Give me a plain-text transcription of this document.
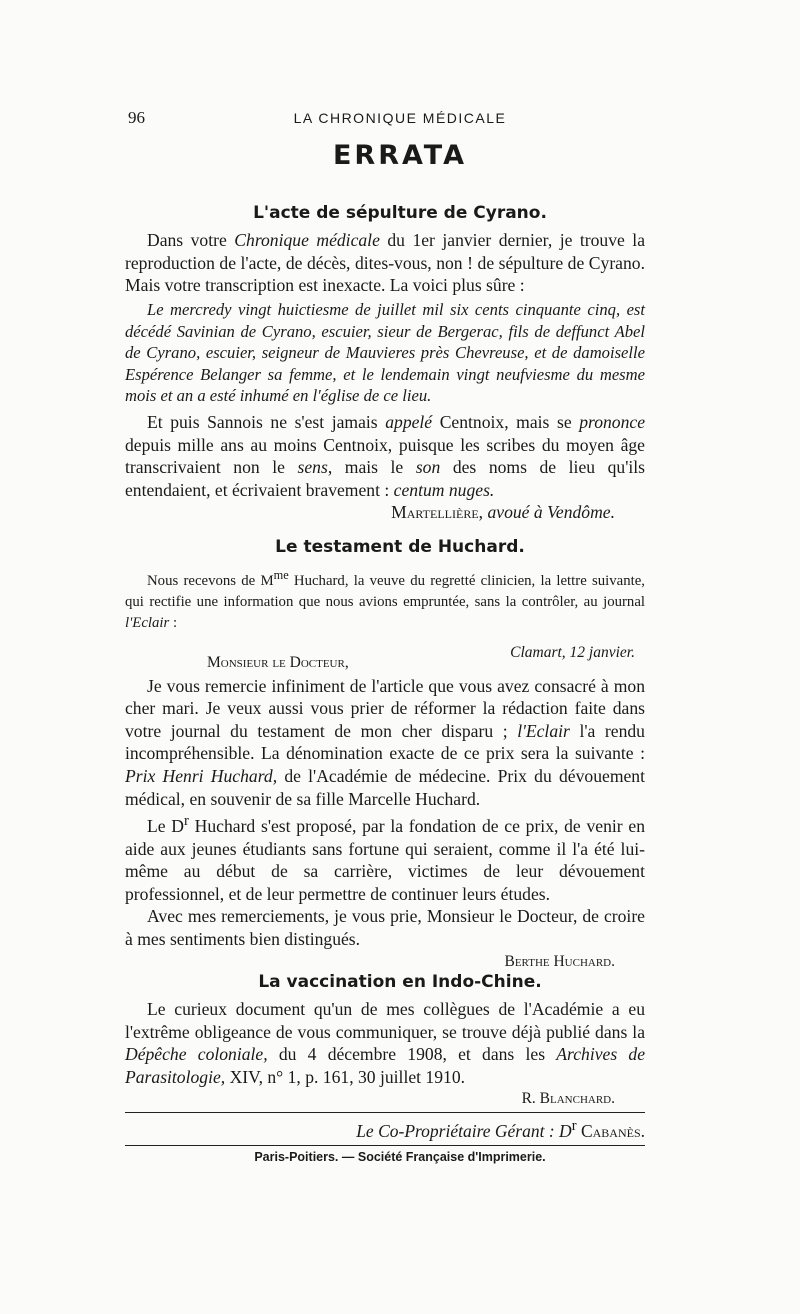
96	LA CHRONIQUE MÉDICALE
ERRATA
L'acte de sépulture de Cyrano.

Dans votre Chronique médicale du 1er janvier dernier, je trouve la reproduction de l'acte, de décès, dites-vous, non ! de sépulture de Cyrano. Mais votre transcription est inexacte. La voici plus sûre :

Le mercredy vingt huictiesme de juillet mil six cents cinquante cinq, est décédé Savinian de Cyrano, escuier, sieur de Bergerac, fils de deffunct Abel de Cyrano, escuier, seigneur de Mauvieres près Chevreuse, et de damoiselle Espérence Belanger sa femme, et le lendemain vingt neufviesme du mesme mois et an a esté inhumé en l'église de ce lieu.

Et puis Sannois ne s'est jamais appelé Centnoix, mais se prononce depuis mille ans au moins Centnoix, puisque les scribes du moyen âge transcrivaient non le sens, mais le son des noms de lieu qu'ils entendaient, et écrivaient bravement : centum nuges.

Martellière, avoué à Vendôme.
Le testament de Huchard.

Nous recevons de $M^{me}$ Huchard, la veuve du regretté clinicien, la lettre suivante, qui rectifie une information que nous avions empruntée, sans la contrôler, au journal l'Eclair :

Clamart, 12 janvier.
Monsieur le Docteur,

Je vous remercie infiniment de l'article que vous avez consacré à mon cher mari. Je veux aussi vous prier de réformer la rédaction faite dans votre journal du testament de mon cher disparu ; l'Eclair l'a rendu incompréhensible. La dénomination exacte de ce prix sera la suivante : Prix Henri Huchard, de l'Académie de médecine. Prix du dévouement médical, en souvenir de sa fille Marcelle Huchard.

Le $D^r$ Huchard s'est proposé, par la fondation de ce prix, de venir en aide aux jeunes étudiants sans fortune qui seraient, comme il l'a été lui-même au début de sa carrière, victimes de leur dévouement professionnel, et de leur permettre de continuer leurs études.

Avec mes remerciements, je vous prie, Monsieur le Docteur, de croire à mes sentiments bien distingués.

Berthe Huchard.
La vaccination en Indo-Chine.

Le curieux document qu'un de mes collègues de l'Académie a eu l'extrême obligeance de vous communiquer, se trouve déjà publié dans la Dépêche coloniale, du 4 décembre 1908, et dans les Archives de Parasitologie, XIV, n° 1, p. 161, 30 juillet 1910.

R. Blanchard.
Le Co-Propriétaire Gérant : $D^r$ Cabanès.
Paris-Poitiers. — Société Française d'Imprimerie.
